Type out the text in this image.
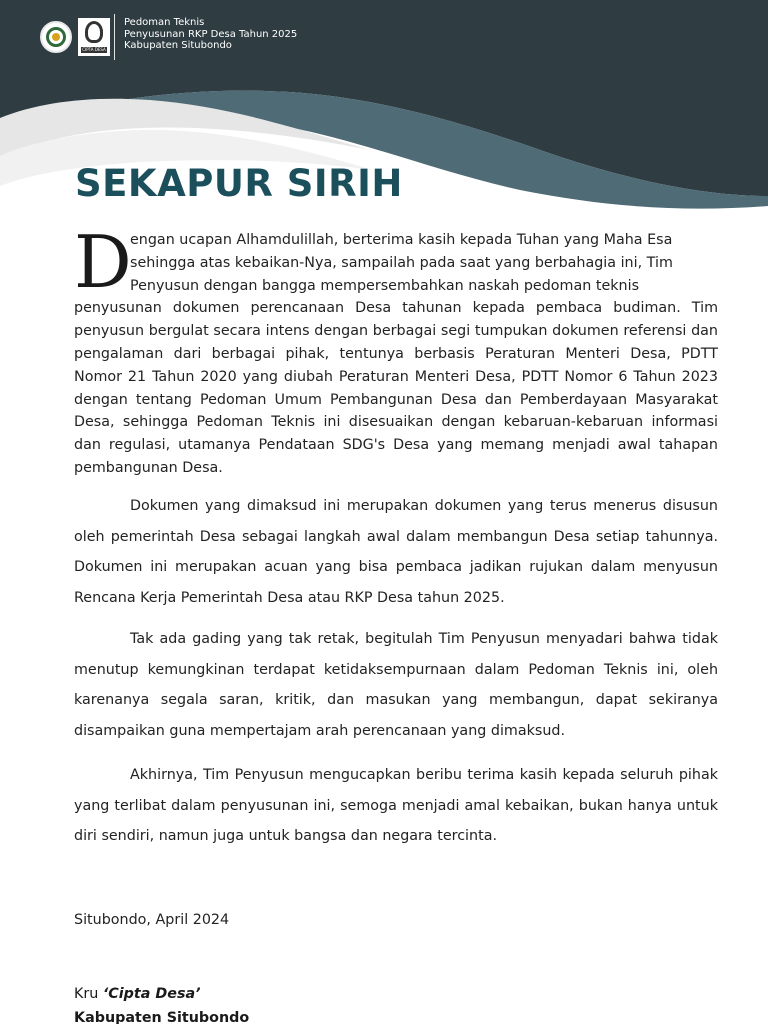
CIPTA DESA
Pedoman Teknis
Penyusunan RKP Desa Tahun 2025
Kabupaten Situbondo
SEKAPUR SIRIH
D

engan ucapan Alhamdulillah, berterima kasih kepada Tuhan yang Maha Esa
sehingga atas kebaikan-Nya, sampailah pada saat yang berbahagia ini, Tim
Penyusun dengan bangga mempersembahkan naskah pedoman teknis
penyusunan dokumen perencanaan Desa tahunan kepada pembaca budiman. Tim penyusun bergulat secara intens dengan berbagai segi tumpukan dokumen referensi dan pengalaman dari berbagai pihak, tentunya berbasis Peraturan Menteri Desa, PDTT Nomor 21 Tahun 2020 yang diubah Peraturan Menteri Desa, PDTT Nomor 6 Tahun 2023 dengan tentang Pedoman Umum Pembangunan Desa dan Pemberdayaan Masyarakat Desa, sehingga Pedoman Teknis ini disesuaikan dengan kebaruan-kebaruan informasi dan regulasi, utamanya Pendataan SDG's Desa yang memang menjadi awal tahapan pembangunan Desa.

Dokumen yang dimaksud ini merupakan dokumen yang terus menerus disusun oleh pemerintah Desa sebagai langkah awal dalam membangun Desa setiap tahunnya. Dokumen ini merupakan acuan yang bisa pembaca jadikan rujukan dalam menyusun Rencana Kerja Pemerintah Desa atau RKP Desa tahun 2025.

Tak ada gading yang tak retak, begitulah Tim Penyusun menyadari bahwa tidak menutup kemungkinan terdapat ketidaksempurnaan dalam Pedoman Teknis ini, oleh karenanya segala saran, kritik, dan masukan yang membangun, dapat sekiranya disampaikan guna mempertajam arah perencanaan yang dimaksud.

Akhirnya, Tim Penyusun mengucapkan beribu terima kasih kepada seluruh pihak yang terlibat dalam penyusunan ini, semoga menjadi amal kebaikan, bukan hanya untuk diri sendiri, namun juga untuk bangsa dan negara tercinta.

Situbondo, April 2024
Kru ‘Cipta Desa’
Kabupaten Situbondo
